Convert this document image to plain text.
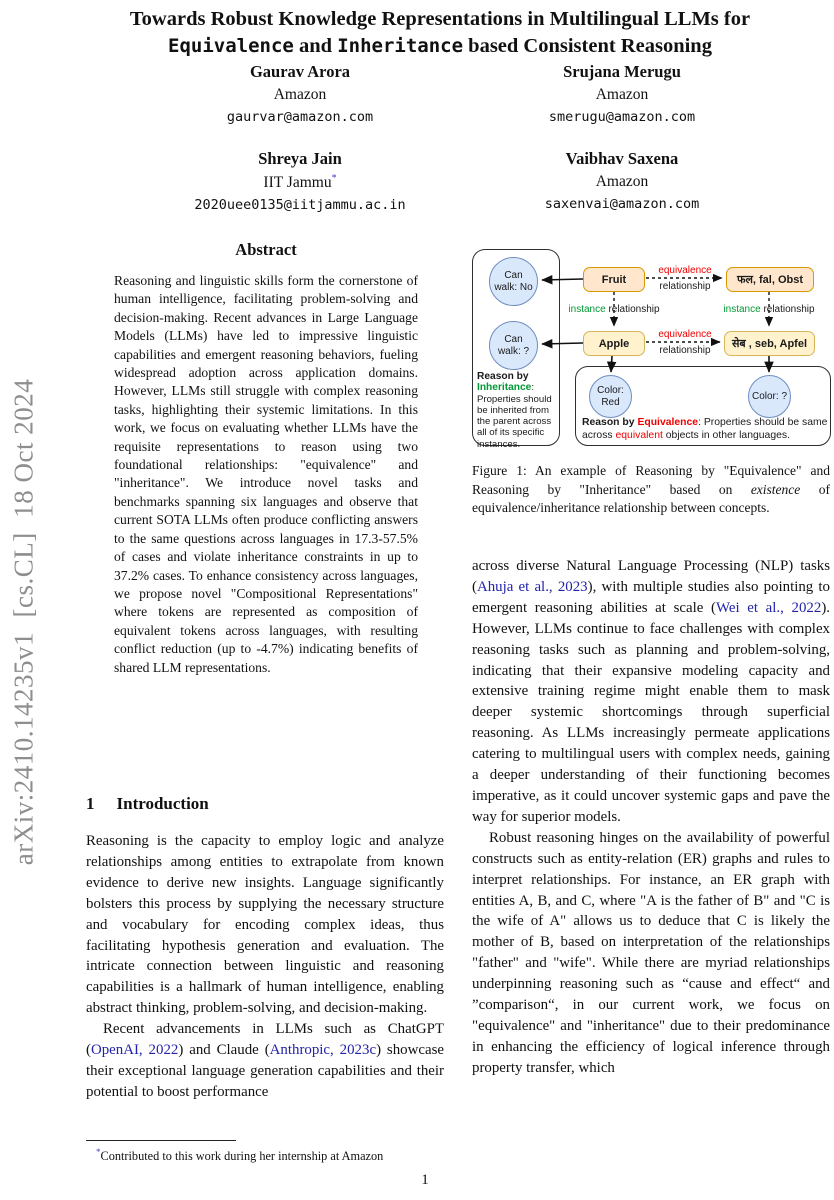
arXiv:2410.14235v1  [cs.CL]  18 Oct 2024
Towards Robust Knowledge Representations in Multilingual LLMs for
Equivalence and Inheritance based Consistent Reasoning
Gaurav Arora
Amazon
gaurvar@amazon.com
Srujana Merugu
Amazon
smerugu@amazon.com
Shreya Jain
IIT Jammu*
2020uee0135@iitjammu.ac.in
Vaibhav Saxena
Amazon
saxenvai@amazon.com
Abstract
Reasoning and linguistic skills form the cornerstone of human intelligence, facilitating problem-solving and decision-making. Recent advances in Large Language Models (LLMs) have led to impressive linguistic capabilities and emergent reasoning behaviors, fueling widespread adoption across application domains. However, LLMs still struggle with complex reasoning tasks, highlighting their systemic limitations. In this work, we focus on evaluating whether LLMs have the requisite representations to reason using two foundational relationships: "equivalence" and "inheritance". We introduce novel tasks and benchmarks spanning six languages and observe that current SOTA LLMs often produce conflicting answers to the same questions across languages in 17.3-57.5% of cases and violate inheritance constraints in up to 37.2% cases. To enhance consistency across languages, we propose novel "Compositional Representations" where tokens are represented as composition of equivalent tokens across languages, with resulting conflict reduction (up to -4.7%) indicating benefits of shared LLM representations.
1 Introduction

Reasoning is the capacity to employ logic and analyze relationships among entities to extrapolate from known evidence to derive new insights. Language significantly bolsters this process by supplying the necessary structure and vocabulary for encoding complex ideas, thus facilitating hypothesis generation and evaluation. The intricate connection between linguistic and reasoning capabilities is a hallmark of human intelligence, enabling abstract thinking, problem-solving, and decision-making.

Recent advancements in LLMs such as ChatGPT (OpenAI, 2022) and Claude (Anthropic, 2023c) showcase their exceptional language generation capabilities and their potential to boost performance

*Contributed to this work during her internship at Amazon

Can
walk: No
Can
walk: ?
Color:
Red
Color: ?
Fruit	फल, fal, Obst
Apple	सेब , seb, Apfel
equivalence
relationship
equivalence
relationship
instance relationship	instance relationship
Reason by
Inheritance: Properties should be inherited from the parent across all of its specific instances.
Reason by Equivalence: Properties should be same across equivalent objects in other languages.
Figure 1: An example of Reasoning by "Equivalence" and Reasoning by "Inheritance" based on existence of equivalence/inheritance relationship between concepts.

across diverse Natural Language Processing (NLP) tasks (Ahuja et al., 2023), with multiple studies also pointing to emergent reasoning abilities at scale (Wei et al., 2022). However, LLMs continue to face challenges with complex reasoning tasks such as planning and problem-solving, indicating that their expansive modeling capacity and extensive training regime might enable them to mask deeper systemic shortcomings through superficial reasoning. As LLMs increasingly permeate applications catering to multilingual users with complex needs, gaining a deeper understanding of their functioning becomes imperative, as it could uncover systemic gaps and pave the way for superior models.

Robust reasoning hinges on the availability of powerful constructs such as entity-relation (ER) graphs and rules to interpret relationships. For instance, an ER graph with entities A, B, and C, where "A is the father of B" and "C is the wife of A" allows us to deduce that C is likely the mother of B, based on interpretation of the relationships "father" and "wife". While there are myriad relationships underpinning reasoning such as “cause and effect“ and ”comparison“, in our current work, we focus on "equivalence" and "inheritance" due to their predominance in enhancing the efficiency of logical inference through property transfer, which

1
